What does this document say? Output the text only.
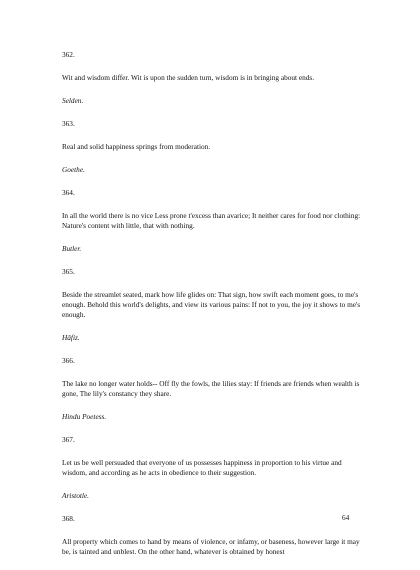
362.

Wit and wisdom differ. Wit is upon the sudden turn, wisdom is in bringing about ends.

Selden.

363.

Real and solid happiness springs from moderation.

Goethe.

364.

In all the world there is no vice Less prone t'excess than avarice; It neither cares for food nor clothing: Nature's content with little, that with nothing.

Butler.

365.

Beside the streamlet seated, mark how life glides on: That sign, how swift each moment goes, to me's enough. Behold this world's delights, and view its various pains: If not to you, the joy it shows to me's enough.

Hâfiz.

366.

The lake no longer water holds-- Off fly the fowls, the lilies stay: If friends are friends when wealth is gone, The lily's constancy they share.

Hindu Poetess.

367.

Let us be well persuaded that everyone of us possesses happiness in proportion to his virtue and wisdom, and according as he acts in obedience to their suggestion.

Aristotle.

368.

All property which comes to hand by means of violence, or infamy, or baseness, however large it may be, is tainted and unblest. On the other hand, whatever is obtained by honest

64
